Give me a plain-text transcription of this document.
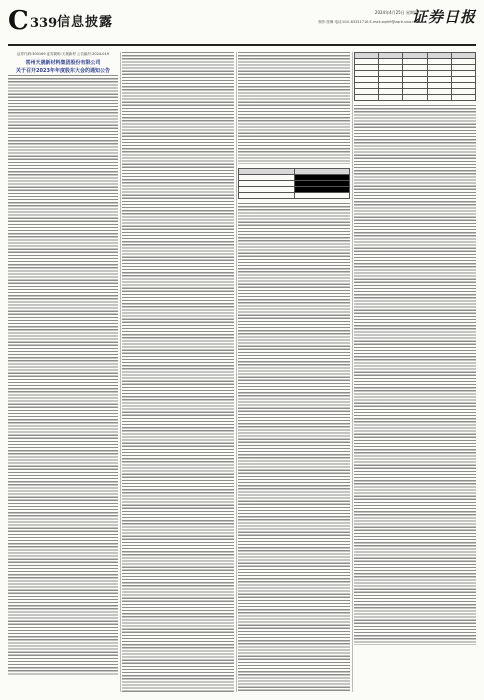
C 339 信息披露
2024年4月25日 星期四
制作:张琳 电话:010-83251716 E-mail:zqrb9@zqrb.sina.net
证券日报
证券代码:300169 证券简称:天晟新材 公告编号:2024-019
常州天晟新材料集团股份有限公司
关于召开2023年年度股东大会的通知公告
